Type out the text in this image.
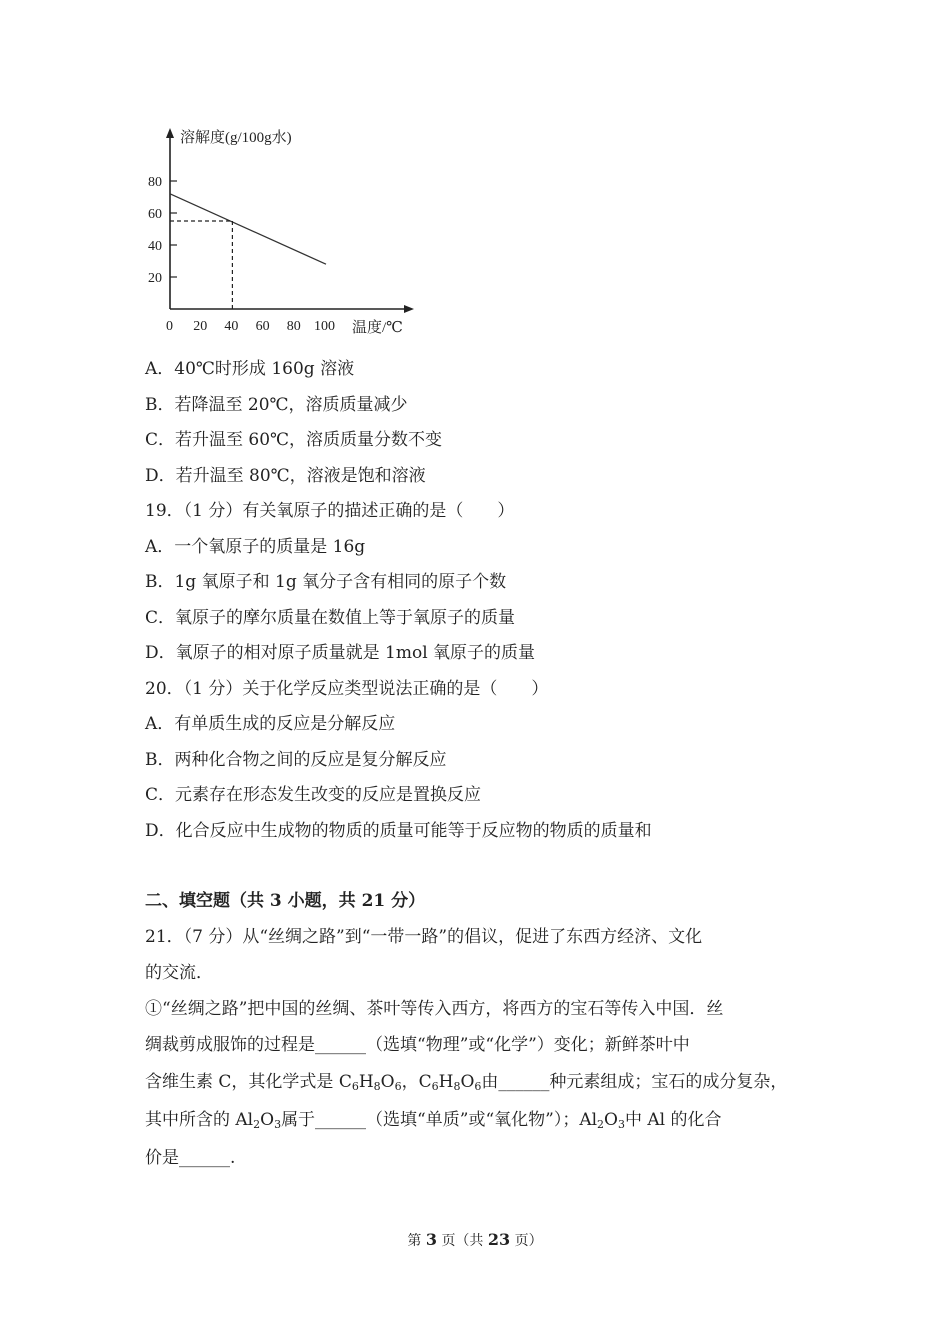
溶解度(g/100g水)
温度/℃
20
40
60
80
0 20 40 60 80 100
A．40℃时形成 160g 溶液
B．若降温至 20℃，溶质质量减少
C．若升温至 60℃，溶质质量分数不变
D．若升温至 80℃，溶液是饱和溶液
19．（1 分）有关氧原子的描述正确的是（　　）
A．一个氧原子的质量是 16g
B．1g 氧原子和 1g 氧分子含有相同的原子个数
C．氧原子的摩尔质量在数值上等于氧原子的质量
D．氧原子的相对原子质量就是 1mol 氧原子的质量
20．（1 分）关于化学反应类型说法正确的是（　　）
A．有单质生成的反应是分解反应
B．两种化合物之间的反应是复分解反应
C．元素存在形态发生改变的反应是置换反应
D．化合反应中生成物的物质的质量可能等于反应物的物质的质量和
二、填空题（共 3 小题，共 21 分）
21．（7 分）从“丝绸之路”到“一带一路”的倡议，促进了东西方经济、文化
的交流．
①“丝绸之路”把中国的丝绸、茶叶等传入西方，将西方的宝石等传入中国．丝
绸裁剪成服饰的过程是______（选填“物理”或“化学”）变化；新鲜茶叶中
含维生素 C，其化学式是 $C_6H_8O_6$，$C_6H_8O_6$由______种元素组成；宝石的成分复杂，
其中所含的 $Al_2O_3$属于______（选填“单质”或“氧化物”）；$Al_2O_3$中 Al 的化合
价是______.
第 3 页（共 23 页）
